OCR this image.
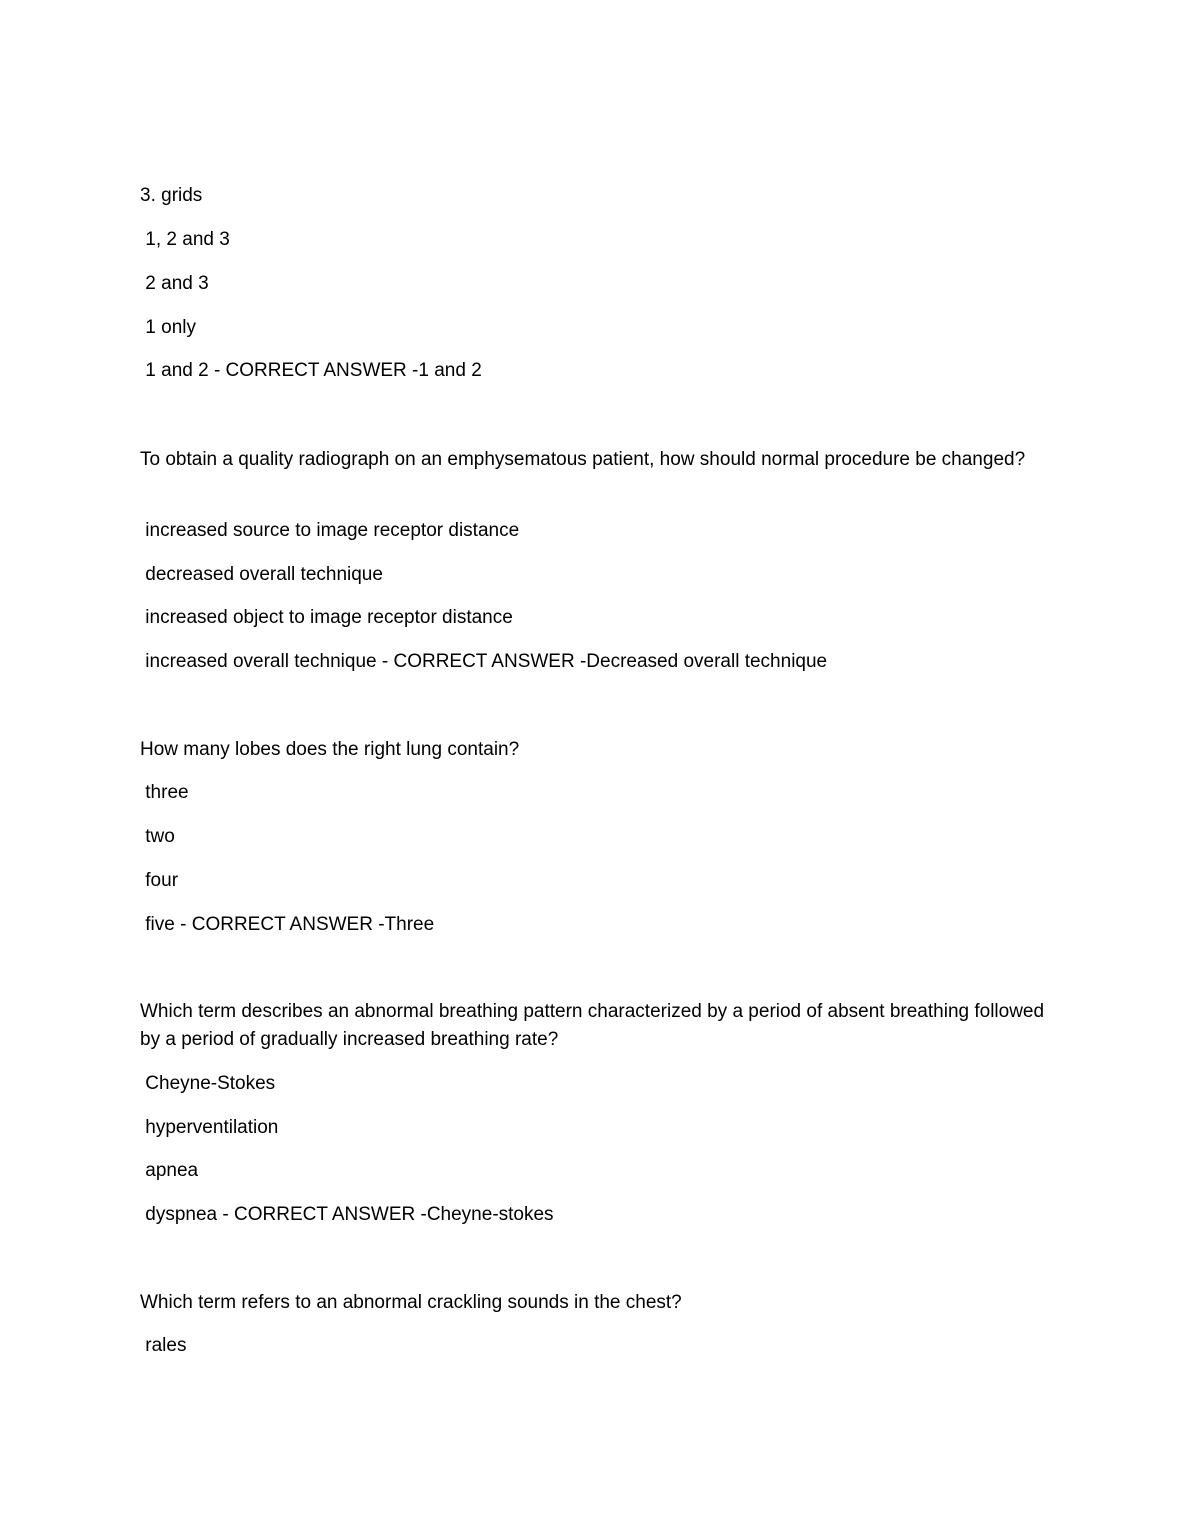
3. grids
1, 2 and 3
2 and 3
1 only
1 and 2 - CORRECT ANSWER -1 and 2
To obtain a quality radiograph on an emphysematous patient, how should normal procedure be changed?
increased source to image receptor distance
decreased overall technique
increased object to image receptor distance
increased overall technique - CORRECT ANSWER -Decreased overall technique
How many lobes does the right lung contain?
three
two
four
five - CORRECT ANSWER -Three
Which term describes an abnormal breathing pattern characterized by a period of absent breathing followed by a period of gradually increased breathing rate?
Cheyne-Stokes
hyperventilation
apnea
dyspnea - CORRECT ANSWER -Cheyne-stokes
Which term refers to an abnormal crackling sounds in the chest?
rales
